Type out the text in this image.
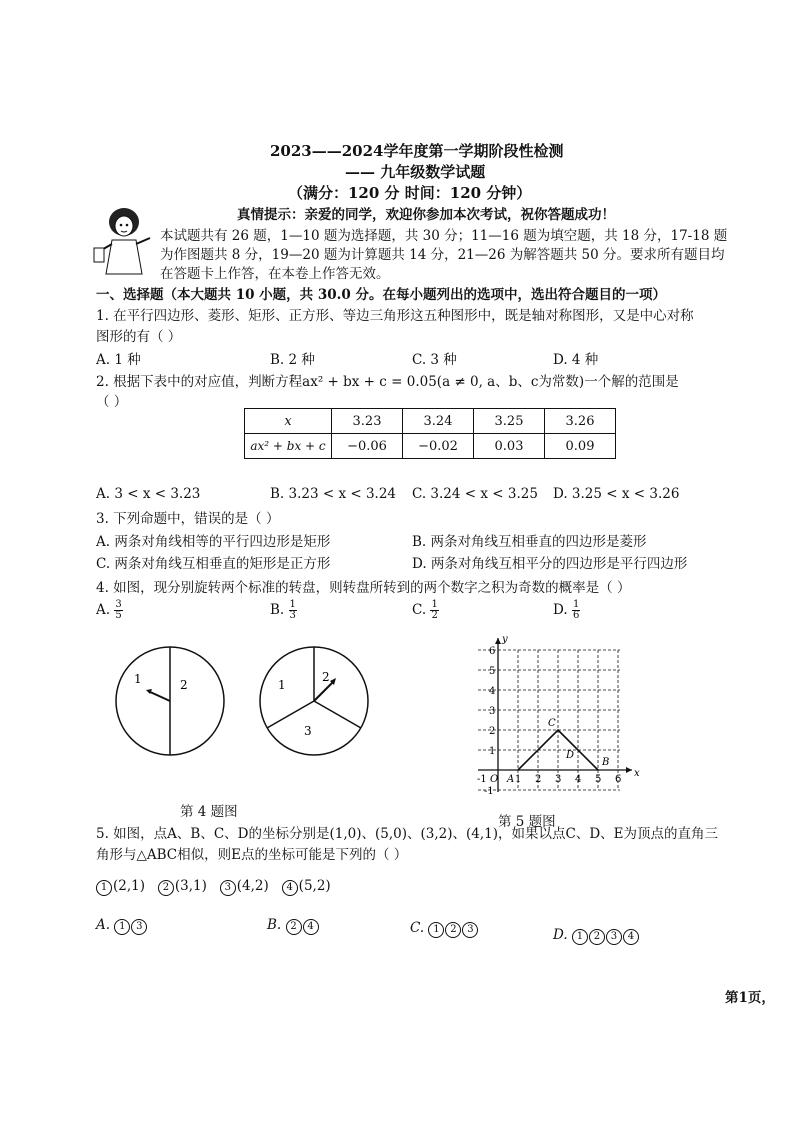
2023——2024学年度第一学期阶段性检测
—— 九年级数学试题
（满分：120 分 时间：120 分钟）
真情提示：亲爱的同学，欢迎你参加本次考试，祝你答题成功！
本试题共有 26 题，1—10 题为选择题，共 30 分；11—16 题为填空题，共 18 分，17-18 题
为作图题共 8 分，19—20 题为计算题共 14 分，21—26 为解答题共 50 分。要求所有题目均
在答题卡上作答，在本卷上作答无效。
一、选择题（本大题共 10 小题，共 30.0 分。在每小题列出的选项中，选出符合题目的一项）
1. 在平行四边形、菱形、矩形、正方形、等边三角形这五种图形中，既是轴对称图形，又是中心对称
图形的有（ ）
A. 1 种	B. 2 种	C. 3 种	D. 4 种
2. 根据下表中的对应值，判断方程ax² + bx + c = 0.05(a ≠ 0, a、b、c为常数)一个解的范围是
（ ）
x	3.23	3.24	3.25	3.26
ax² + bx + c	−0.06	−0.02	0.03	0.09
A. 3 < x < 3.23	B. 3.23 < x < 3.24 C. 3.24 < x < 3.25 D. 3.25 < x < 3.26
3. 下列命题中，错误的是（ ）
A. 两条对角线相等的平行四边形是矩形	B. 两条对角线互相垂直的四边形是菱形
C. 两条对角线互相垂直的矩形是正方形	D. 两条对角线互相平分的四边形是平行四边形
4. 如图，现分别旋转两个标准的转盘，则转盘所转到的两个数字之积为奇数的概率是（ ）
A. $\frac{3}{5}$	B. $\frac{1}{3}$	C. $\frac{1}{2}$	D. $\frac{1}{6}$
1	2	1
2
3
第 4 题图
6
5
4
3
2
1
-1
-1	1 2 3 4 5 6
O
x
y
A
B
C
D
第 5 题图
5. 如图，点A、B、C、D的坐标分别是(1,0)、(5,0)、(3,2)、(4,1)，如果以点C、D、E为顶点的直角三
角形与△ABC相似，则E点的坐标可能是下列的（ ）
1 (2,1) 2 (3,1) 3 (4,2) 4 (5,2)
A. 1 3	B. 2 4	C. 1 2 3	D. 1 2 3 4
第1页，
